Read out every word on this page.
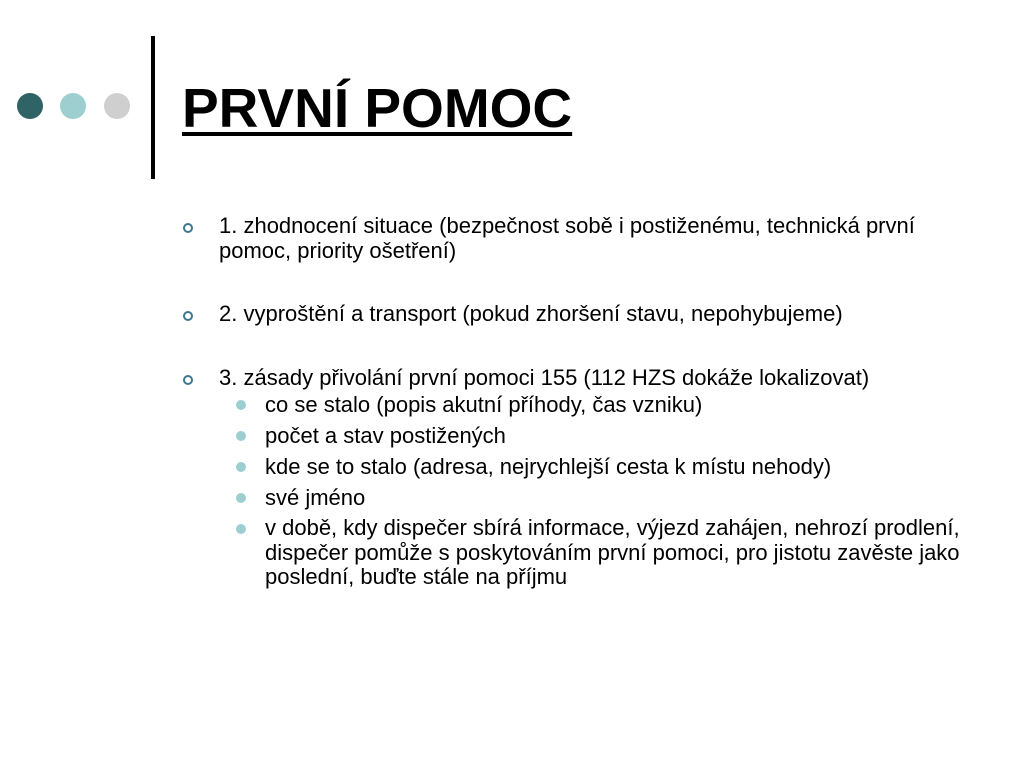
PRVNÍ POMOC
1. zhodnocení situace (bezpečnost sobě i postiženému, technická první pomoc, priority ošetření)
2. vyproštění a transport (pokud zhoršení stavu, nepohybujeme)
3. zásady přivolání první pomoci 155 (112 HZS dokáže lokalizovat)
co se stalo (popis akutní příhody, čas vzniku)
počet a stav postižených
kde se to stalo (adresa, nejrychlejší cesta k místu nehody)
své jméno
v době, kdy dispečer sbírá informace, výjezd zahájen, nehrozí prodlení, dispečer pomůže s poskytováním první pomoci, pro jistotu zavěste jako poslední, buďte stále na příjmu
